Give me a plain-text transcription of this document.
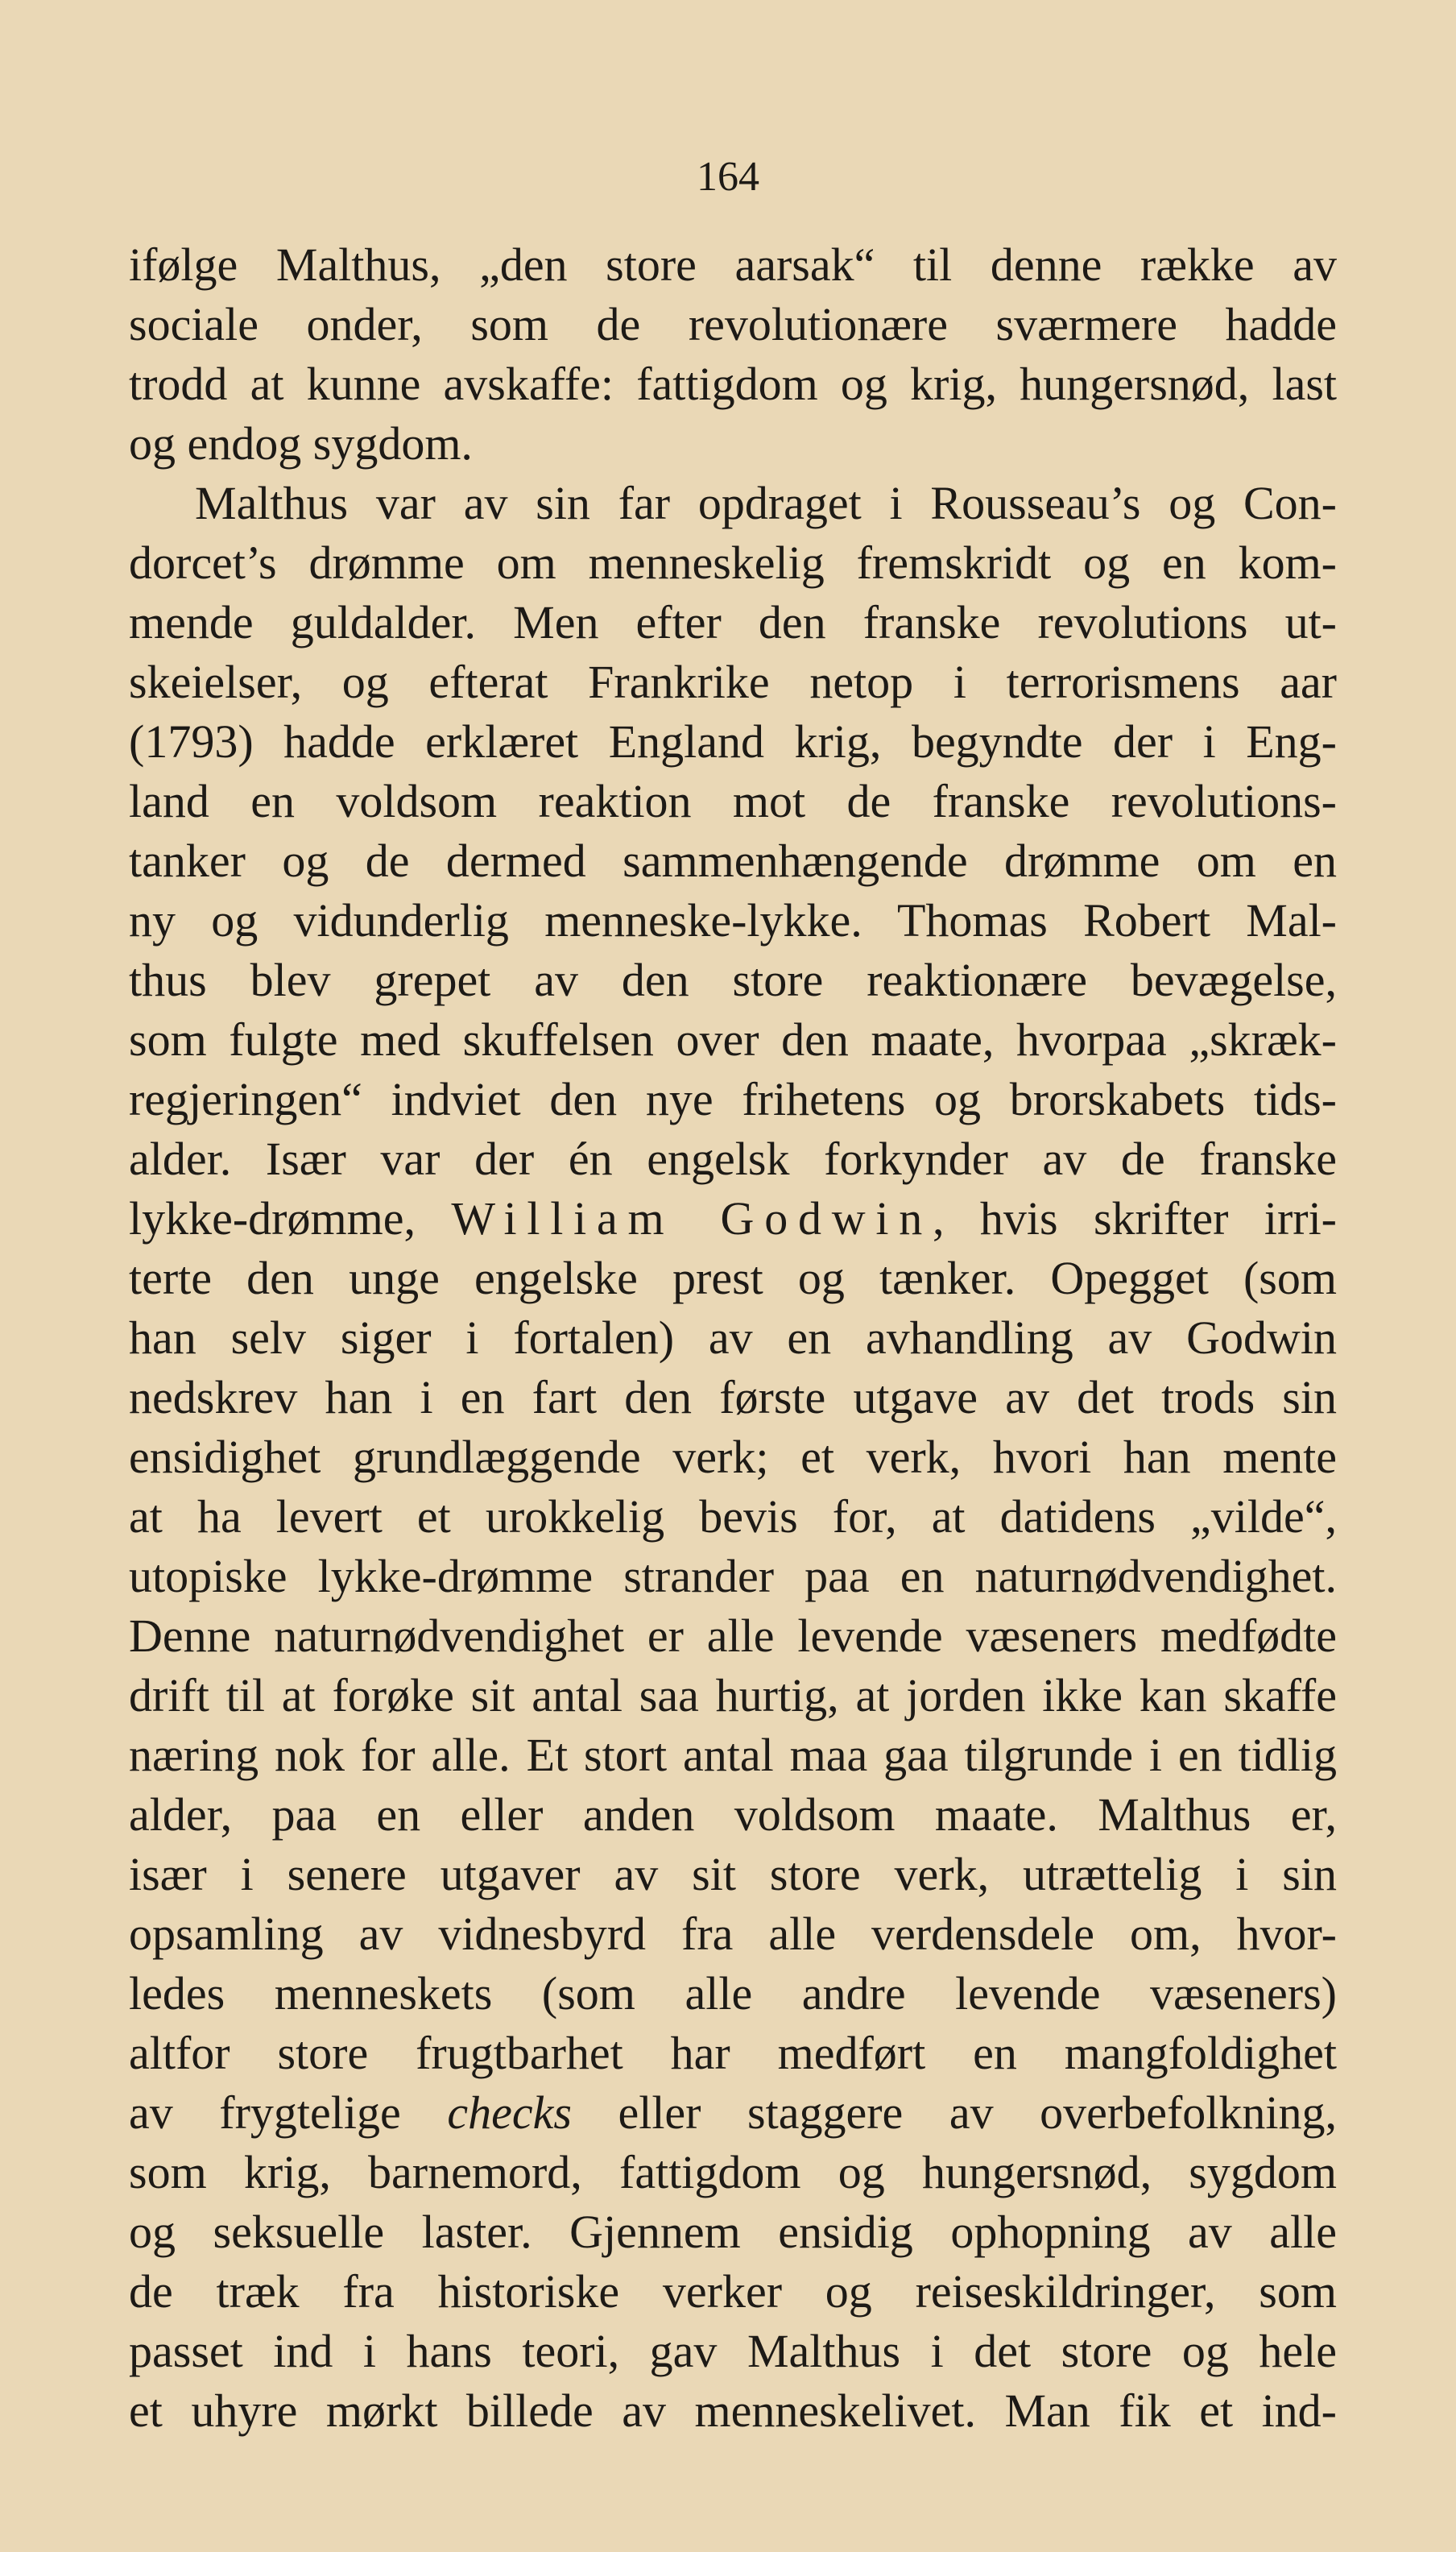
164
ifølge Malthus, „den store aarsak“ til denne række av
sociale onder, som de revolutionære sværmere hadde
trodd at kunne avskaffe: fattigdom og krig, hungersnød, last
og endog sygdom.
Malthus var av sin far opdraget i Rousseau’s og Con-
dorcet’s drømme om menneskelig fremskridt og en kom-
mende guldalder. Men efter den franske revolutions ut-
skeielser, og efterat Frankrike netop i terrorismens aar
(1793) hadde erklæret England krig, begyndte der i Eng-
land en voldsom reaktion mot de franske revolutions-
tanker og de dermed sammenhængende drømme om en
ny og vidunderlig menneske-lykke. Thomas Robert Mal-
thus blev grepet av den store reaktionære bevægelse,
som fulgte med skuffelsen over den maate, hvorpaa „skræk-
regjeringen“ indviet den nye frihetens og brorskabets tids-
alder. Især var der én engelsk forkynder av de franske
lykke-drømme, William Godwin, hvis skrifter irri-
terte den unge engelske prest og tænker. Opegget (som
han selv siger i fortalen) av en avhandling av Godwin
nedskrev han i en fart den første utgave av det trods sin
ensidighet grundlæggende verk; et verk, hvori han mente
at ha levert et urokkelig bevis for, at datidens „vilde“,
utopiske lykke-drømme strander paa en naturnødvendighet.
Denne naturnødvendighet er alle levende væseners medfødte
drift til at forøke sit antal saa hurtig, at jorden ikke kan skaffe
næring nok for alle. Et stort antal maa gaa tilgrunde i en tidlig
alder, paa en eller anden voldsom maate. Malthus er,
især i senere utgaver av sit store verk, utrættelig i sin
opsamling av vidnesbyrd fra alle verdensdele om, hvor-
ledes menneskets (som alle andre levende væseners)
altfor store frugtbarhet har medført en mangfoldighet
av frygtelige checks eller staggere av overbefolkning,
som krig, barnemord, fattigdom og hungersnød, sygdom
og seksuelle laster. Gjennem ensidig ophopning av alle
de træk fra historiske verker og reiseskildringer, som
passet ind i hans teori, gav Malthus i det store og hele
et uhyre mørkt billede av menneskelivet. Man fik et ind-
